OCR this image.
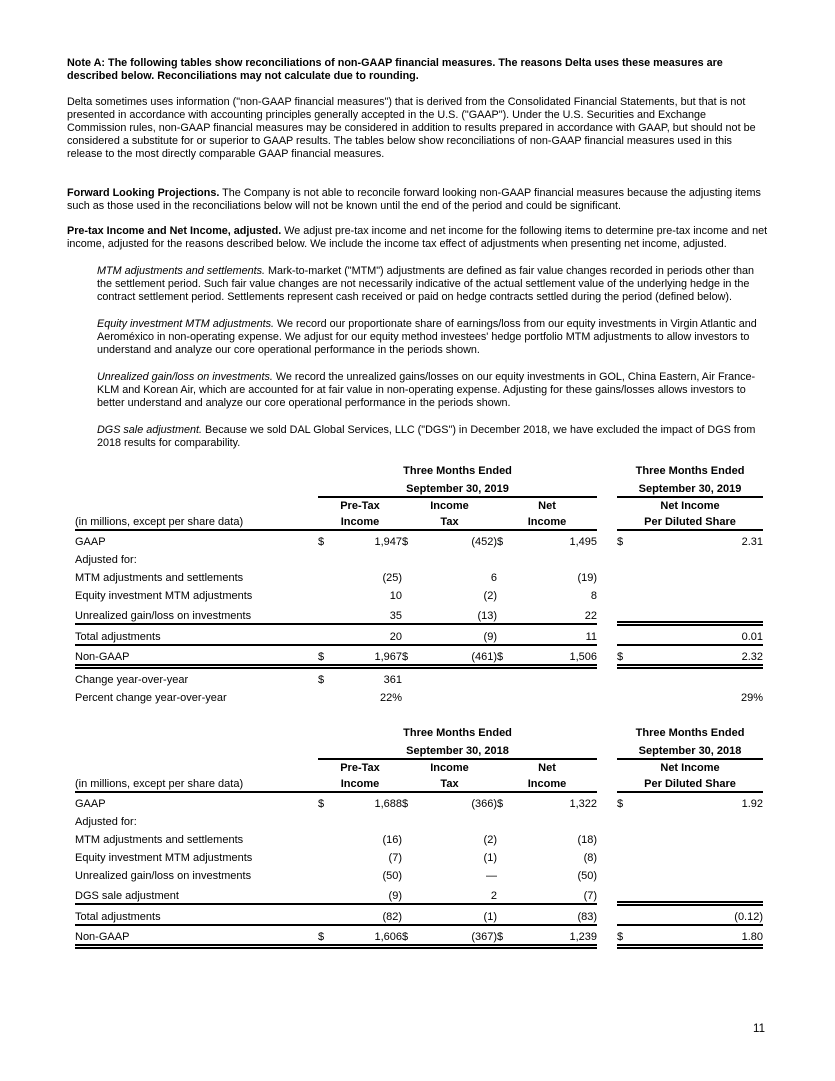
Note A: The following tables show reconciliations of non-GAAP financial measures. The reasons Delta uses these measures are described below. Reconciliations may not calculate due to rounding.

Delta sometimes uses information ("non-GAAP financial measures") that is derived from the Consolidated Financial Statements, but that is not presented in accordance with accounting principles generally accepted in the U.S. ("GAAP"). Under the U.S. Securities and Exchange Commission rules, non-GAAP financial measures may be considered in addition to results prepared in accordance with GAAP, but should not be considered a substitute for or superior to GAAP results. The tables below show reconciliations of non-GAAP financial measures used in this release to the most directly comparable GAAP financial measures.

Forward Looking Projections. The Company is not able to reconcile forward looking non-GAAP financial measures because the adjusting items such as those used in the reconciliations below will not be known until the end of the period and could be significant.

Pre-tax Income and Net Income, adjusted. We adjust pre-tax income and net income for the following items to determine pre-tax income and net income, adjusted for the reasons described below. We include the income tax effect of adjustments when presenting net income, adjusted.

MTM adjustments and settlements. Mark-to-market ("MTM") adjustments are defined as fair value changes recorded in periods other than the settlement period. Such fair value changes are not necessarily indicative of the actual settlement value of the underlying hedge in the contract settlement period. Settlements represent cash received or paid on hedge contracts settled during the period (defined below).

Equity investment MTM adjustments. We record our proportionate share of earnings/loss from our equity investments in Virgin Atlantic and Aeroméxico in non-operating expense. We adjust for our equity method investees' hedge portfolio MTM adjustments to allow investors to understand and analyze our core operational performance in the periods shown.

Unrealized gain/loss on investments. We record the unrealized gains/losses on our equity investments in GOL, China Eastern, Air France-KLM and Korean Air, which are accounted for at fair value in non-operating expense. Adjusting for these gains/losses allows investors to better understand and analyze our core operational performance in the periods shown.

DGS sale adjustment. Because we sold DAL Global Services, LLC ("DGS") in December 2018, we have excluded the impact of DGS from 2018 results for comparability.

	Three Months Ended							Three Months Ended	
	September 30, 2019							September 30, 2019	
	Pre-Tax		Income		Net			Net Income	
(in millions, except per share data)	Income		Tax		Income			Per Diluted Share	
GAAP	$	1,947	$	(452)	$	1,495		$	2.31
Adjusted for:									
MTM adjustments and settlements		(25)		6		(19)			
Equity investment MTM adjustments		10		(2)		8			
Unrealized gain/loss on investments		35		(13)		22			
Total adjustments		20		(9)		11			0.01
Non-GAAP	$	1,967	$	(461)	$	1,506		$	2.32
Change year-over-year	$	361							
Percent change year-over-year		22%							29%
	Three Months Ended							Three Months Ended	
	September 30, 2018							September 30, 2018	
	Pre-Tax		Income		Net			Net Income	
(in millions, except per share data)	Income		Tax		Income			Per Diluted Share	
GAAP	$	1,688	$	(366)	$	1,322		$	1.92
Adjusted for:									
MTM adjustments and settlements		(16)		(2)		(18)			
Equity investment MTM adjustments		(7)		(1)		(8)			
Unrealized gain/loss on investments		(50)		—		(50)			
DGS sale adjustment		(9)		2		(7)			
Total adjustments		(82)		(1)		(83)			(0.12)
Non-GAAP	$	1,606	$	(367)	$	1,239		$	1.80
11
